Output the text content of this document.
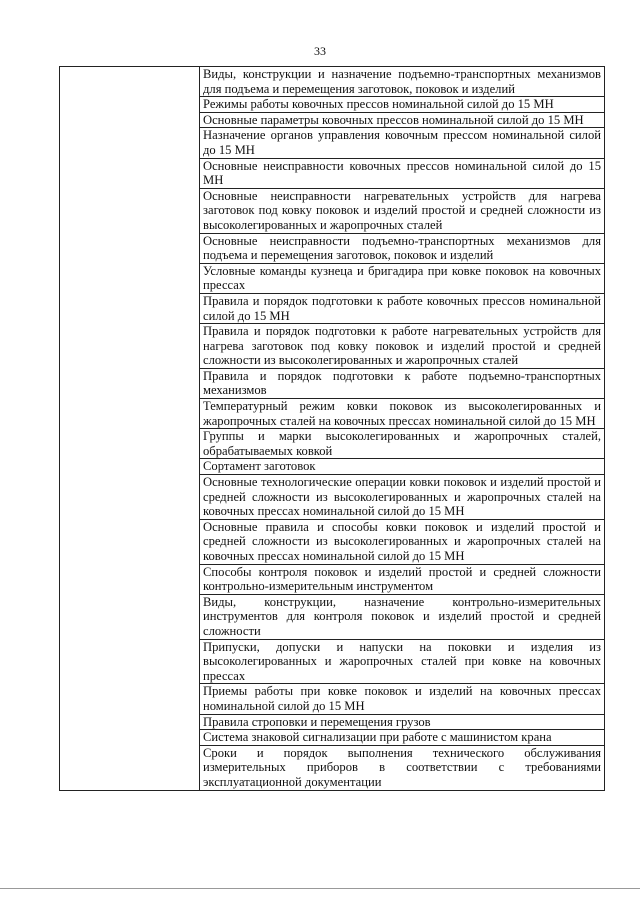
33

Виды, конструкции и назначение подъемно-транспортных механизмов для подъема и перемещения заготовок, поковок и изделий

Режимы работы ковочных прессов номинальной силой до 15 МН

Основные параметры ковочных прессов номинальной силой до 15 МН

Назначение органов управления ковочным прессом номинальной силой до 15 МН

Основные неисправности ковочных прессов номинальной силой до 15 МН

Основные неисправности нагревательных устройств для нагрева заготовок под ковку поковок и изделий простой и средней сложности из высоколегированных и жаропрочных сталей

Основные неисправности подъемно-транспортных механизмов для подъема и перемещения заготовок, поковок и изделий

Условные команды кузнеца и бригадира при ковке поковок на ковочных прессах

Правила и порядок подготовки к работе ковочных прессов номинальной силой до 15 МН

Правила и порядок подготовки к работе нагревательных устройств для нагрева заготовок под ковку поковок и изделий простой и средней сложности из высоколегированных и жаропрочных сталей

Правила и порядок подготовки к работе подъемно-транспортных механизмов

Температурный режим ковки поковок из высоколегированных и жаропрочных сталей на ковочных прессах номинальной силой до 15 МН

Группы и марки высоколегированных и жаропрочных сталей, обрабатываемых ковкой

Сортамент заготовок

Основные технологические операции ковки поковок и изделий простой и средней сложности из высоколегированных и жаропрочных сталей на ковочных прессах номинальной силой до 15 МН

Основные правила и способы ковки поковок и изделий простой и средней сложности из высоколегированных и жаропрочных сталей на ковочных прессах номинальной силой до 15 МН

Способы контроля поковок и изделий простой и средней сложности контрольно-измерительным инструментом

Виды, конструкции, назначение контрольно-измерительных инструментов для контроля поковок и изделий простой и средней сложности

Припуски, допуски и напуски на поковки и изделия из высоколегированных и жаропрочных сталей при ковке на ковочных прессах

Приемы работы при ковке поковок и изделий на ковочных прессах номинальной силой до 15 МН

Правила строповки и перемещения грузов

Система знаковой сигнализации при работе с машинистом крана

Сроки и порядок выполнения технического обслуживания измерительных приборов в соответствии с требованиями эксплуатационной документации
